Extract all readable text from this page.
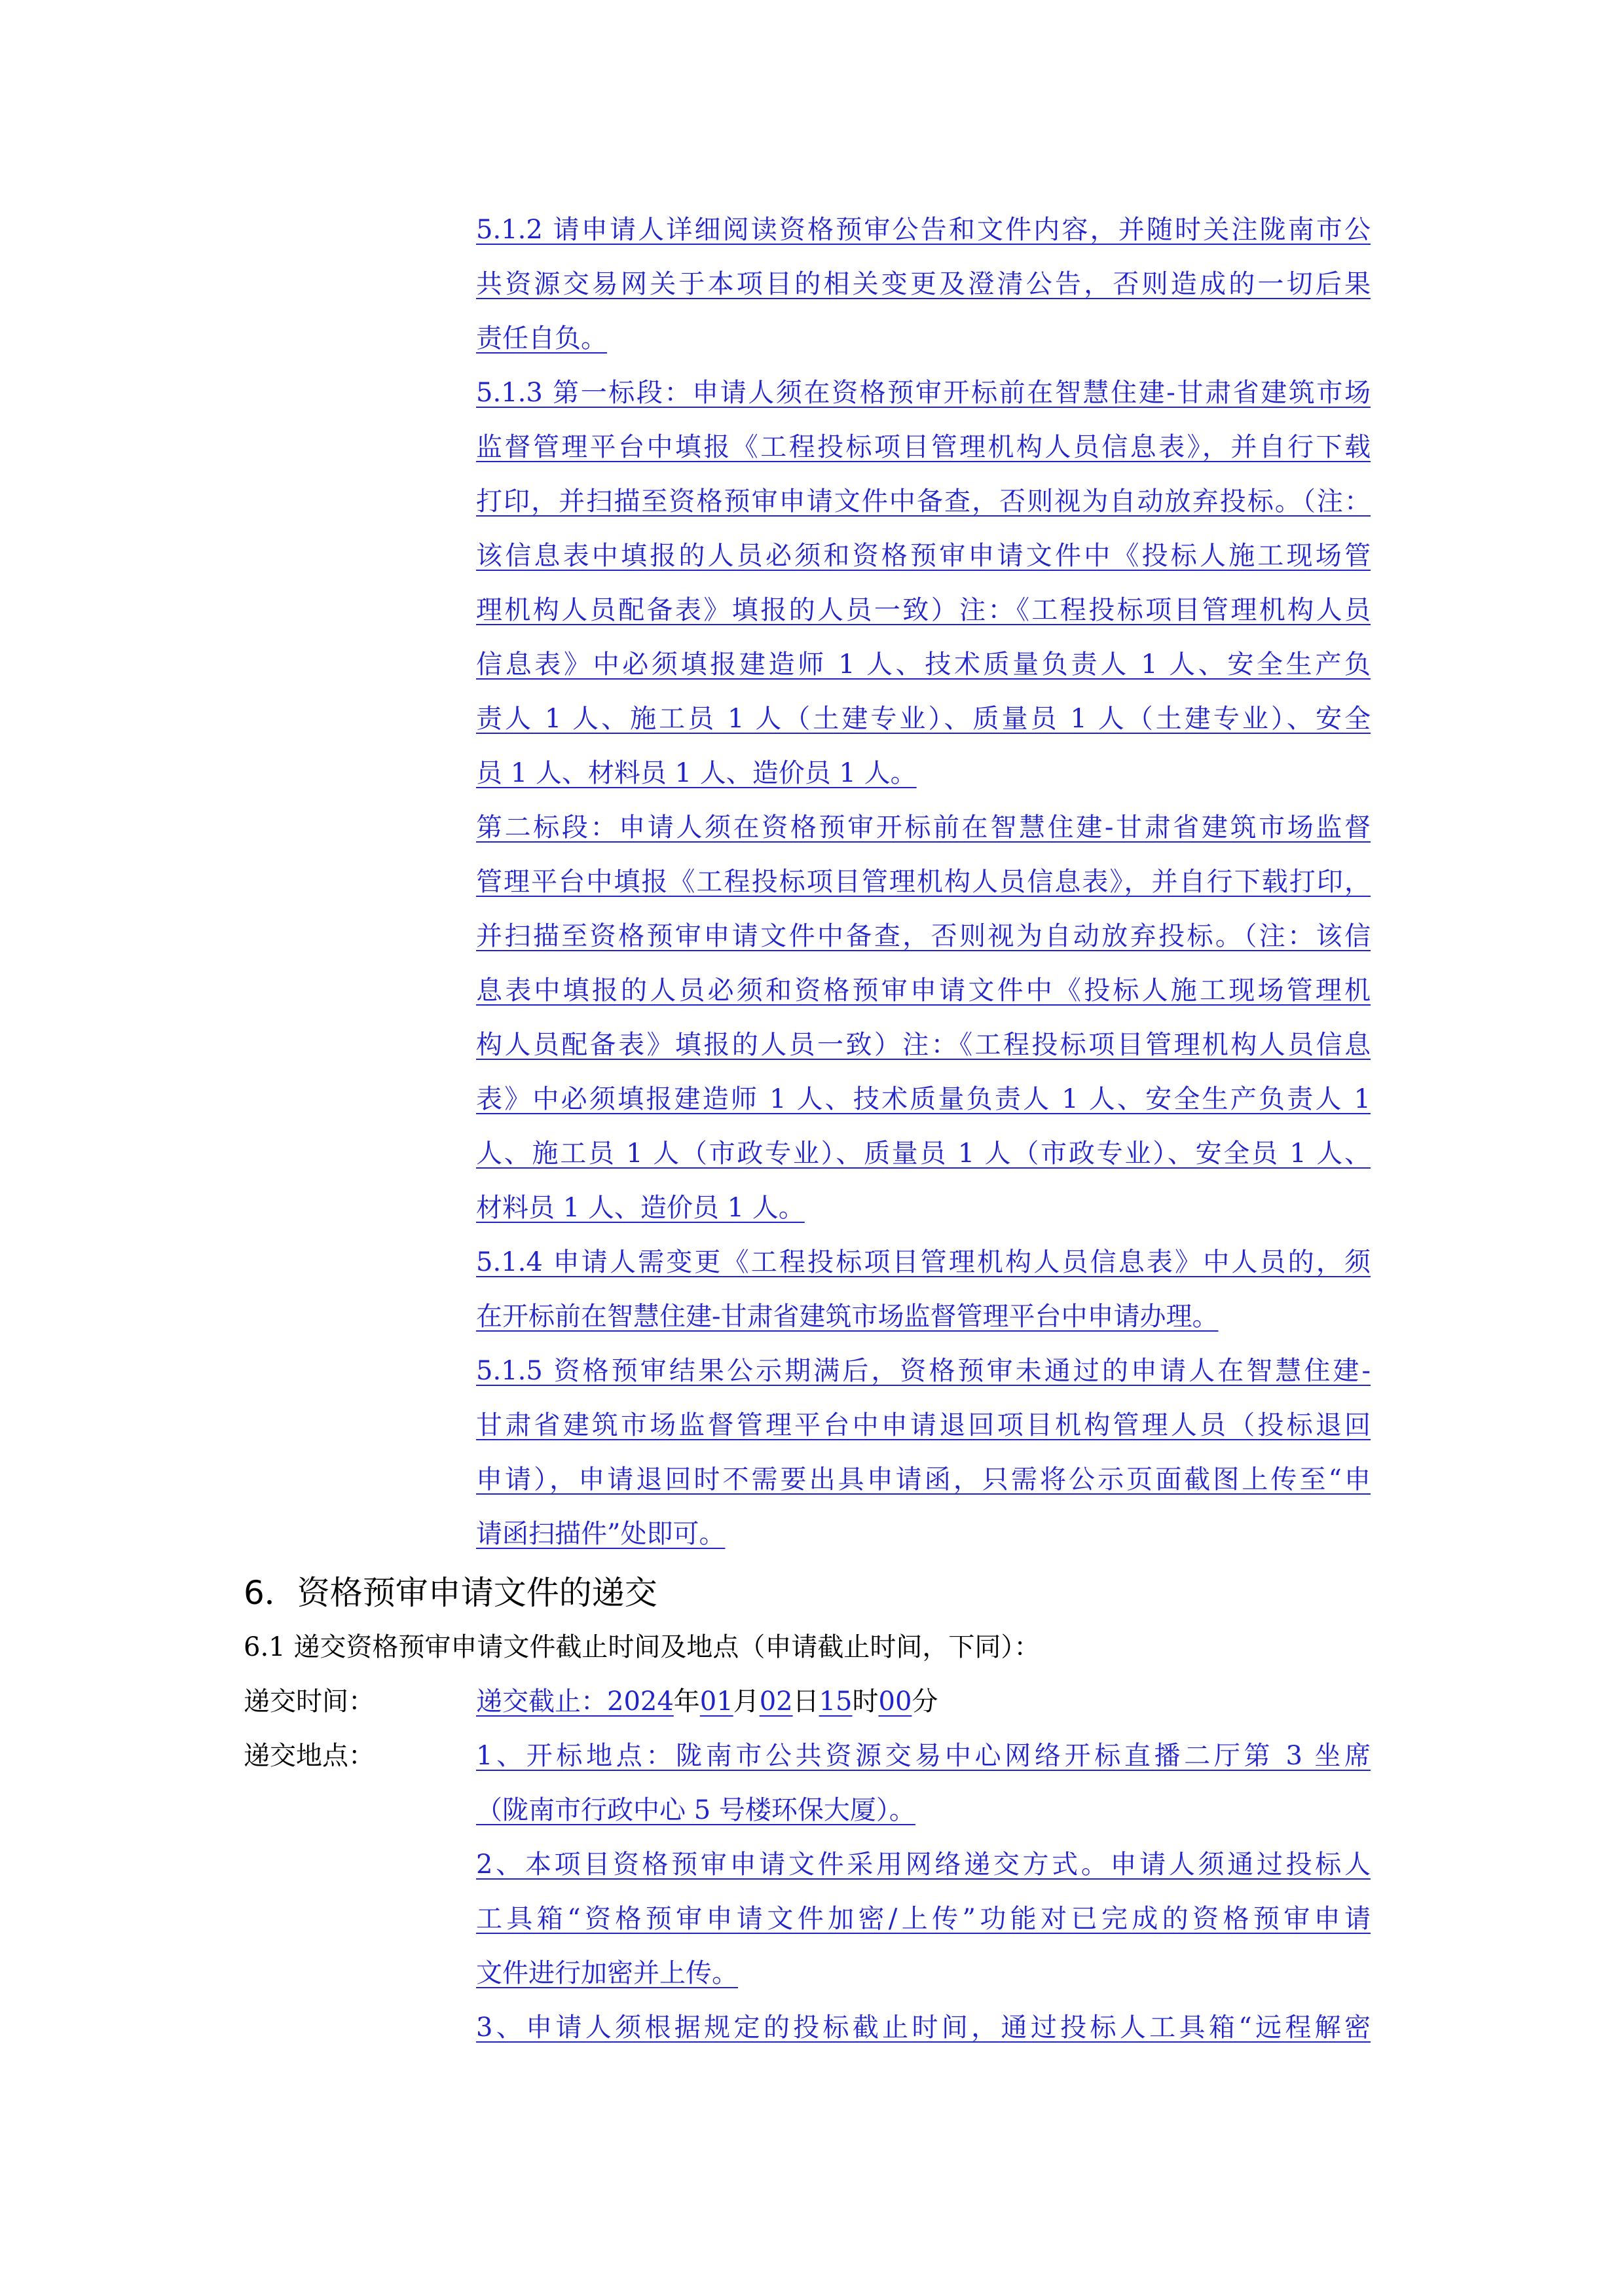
5.1.2 请申请人详细阅读资格预审公告和文件内容，并随时关注陇南市公
共资源交易网关于本项目的相关变更及澄清公告，否则造成的一切后果
责任自负。
5.1.3 第一标段：申请人须在资格预审开标前在智慧住建-甘肃省建筑市场
监督管理平台中填报《工程投标项目管理机构人员信息表》，并自行下载
打印，并扫描至资格预审申请文件中备查，否则视为自动放弃投标。（注：
该信息表中填报的人员必须和资格预审申请文件中《投标人施工现场管
理机构人员配备表》填报的人员一致）注：《工程投标项目管理机构人员
信息表》中必须填报建造师 1 人、技术质量负责人 1 人、安全生产负
责人 1 人、施工员 1 人（土建专业）、质量员 1 人（土建专业）、安全
员 1 人、材料员 1 人、造价员 1 人。
第二标段：申请人须在资格预审开标前在智慧住建-甘肃省建筑市场监督
管理平台中填报《工程投标项目管理机构人员信息表》，并自行下载打印，
并扫描至资格预审申请文件中备查，否则视为自动放弃投标。（注：该信
息表中填报的人员必须和资格预审申请文件中《投标人施工现场管理机
构人员配备表》填报的人员一致）注：《工程投标项目管理机构人员信息
表》中必须填报建造师 1 人、技术质量负责人 1 人、安全生产负责人 1
人、施工员 1 人（市政专业）、质量员 1 人（市政专业）、安全员 1 人、
材料员 1 人、造价员 1 人。
5.1.4 申请人需变更《工程投标项目管理机构人员信息表》中人员的，须
在开标前在智慧住建-甘肃省建筑市场监督管理平台中申请办理。
5.1.5 资格预审结果公示期满后，资格预审未通过的申请人在智慧住建-
甘肃省建筑市场监督管理平台中申请退回项目机构管理人员（投标退回
申请），申请退回时不需要出具申请函，只需将公示页面截图上传至“申
请函扫描件”处即可。
6．资格预审申请文件的递交
6.1 递交资格预审申请文件截止时间及地点（申请截止时间，下同）：
递交时间：	递交截止：2024年01月02日15时00分
递交地点：	1、开标地点：陇南市公共资源交易中心网络开标直播二厅第 3 坐席
（陇南市行政中心 5 号楼环保大厦）。
2、本项目资格预审申请文件采用网络递交方式。申请人须通过投标人
工具箱“资格预审申请文件加密/上传”功能对已完成的资格预审申请
文件进行加密并上传。
3、申请人须根据规定的投标截止时间，通过投标人工具箱“远程解密
